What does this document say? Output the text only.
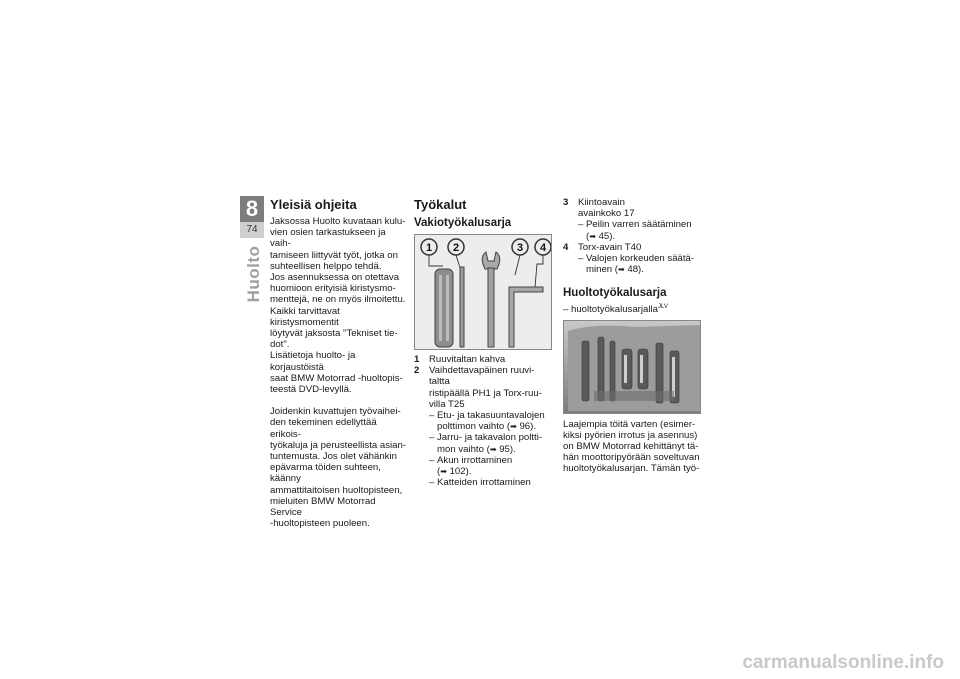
8
74
Huolto
Yleisiä ohjeita

Jaksossa Huolto kuvataan kulu-

vien osien tarkastukseen ja vaih-

tamiseen liittyvät työt, jotka on

suhteellisen helppo tehdä.

Jos asennuksessa on otettava

huomioon erityisiä kiristysmo-

menttejä, ne on myös ilmoitettu.

Kaikki tarvittavat kiristysmomentit

löytyvät jaksosta "Tekniset tie-

dot".

Lisätietoja huolto- ja korjaustöistä

saat BMW Motorrad -huoltopis-

teestä DVD-levyllä.

Joidenkin kuvattujen työvaihei-

den tekeminen edellyttää erikois-

työkaluja ja perusteellista asian-

tuntemusta. Jos olet vähänkin

epävarma töiden suhteen, käänny

ammattitaitoisen huoltopisteen,

mieluiten BMW Motorrad Service

-huoltopisteen puoleen.

Työkalut
Vakiotyökalusarja
1 2	3 4
1 Ruuvitaltan kahva

2 Vaihdettavapäinen ruuvi-

taltta

ristipäällä PH1 ja Torx-ruu-

villa T25

– Etu- ja takasuuntavalojen

polttimon vaihto (➡ 96).

– Jarru- ja takavalon poltti-

mon vaihto (➡ 95).

– Akun irrottaminen

(➡ 102).

– Katteiden irrottaminen

3 Kiintoavain

avainkoko 17

– Peilin varren säätäminen

(➡ 45).

4 Torx-avain T40

– Valojen korkeuden säätä-

minen (➡ 48).

Huoltotyökalusarja

– huoltotyökalusarjalla$^{JLV}$

Laajempia töitä varten (esimer-

kiksi pyörien irrotus ja asennus)

on BMW Motorrad kehittänyt tä-

hän moottoripyörään soveltuvan

huoltotyökalusarjan. Tämän työ-

carmanualsonline.info
